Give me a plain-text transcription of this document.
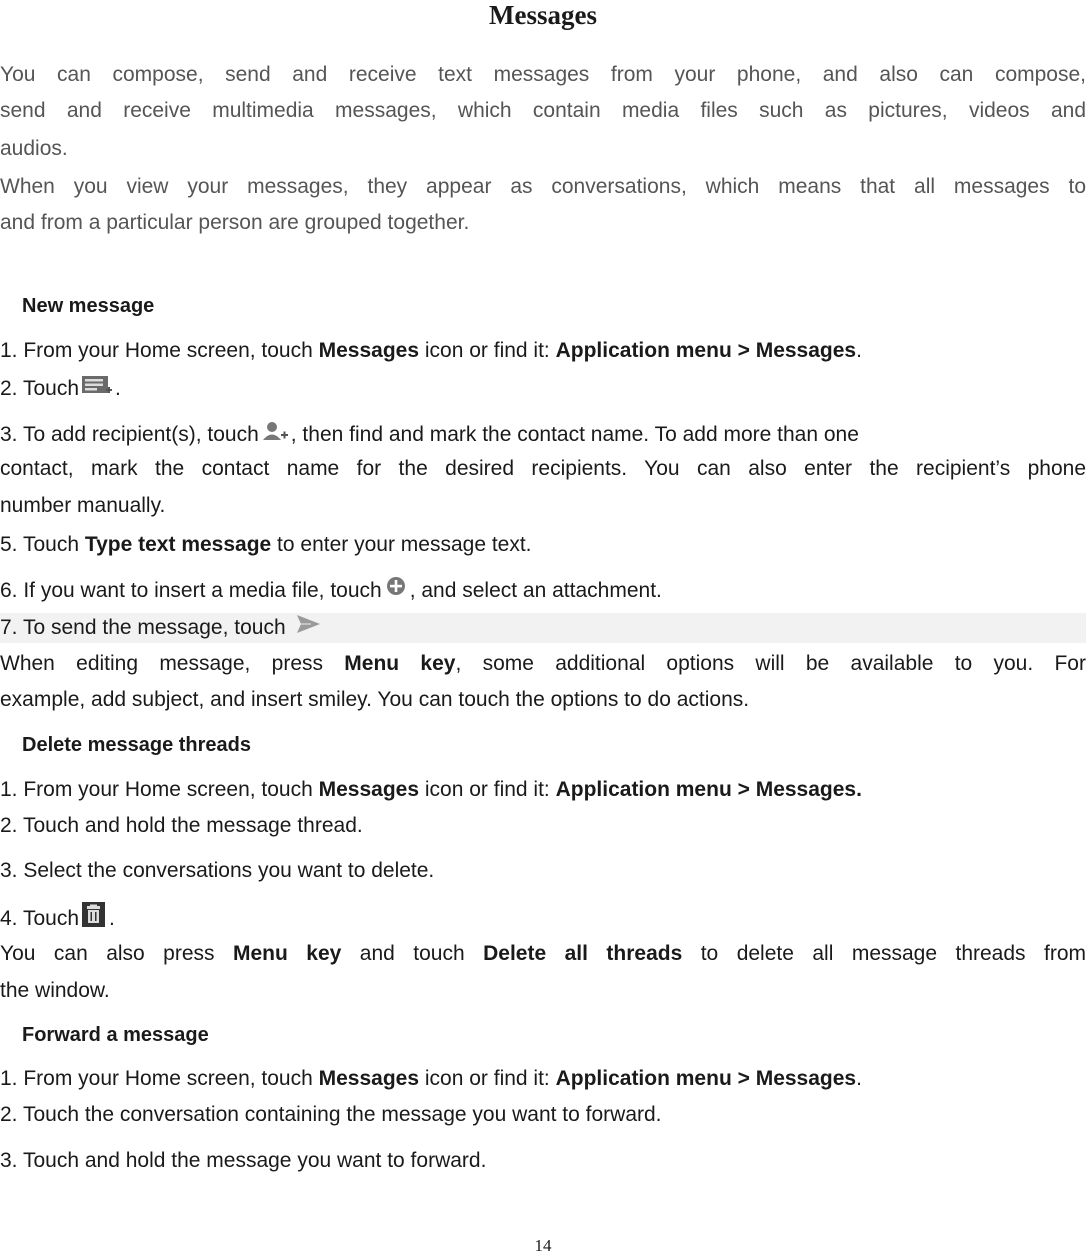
Messages
You can compose, send and receive text messages from your phone, and also can compose,
send and receive multimedia messages, which contain media files such as pictures, videos and
audios.
When you view your messages, they appear as conversations, which means that all messages to
and from a particular person are grouped together.
New message
1. From your Home screen, touch Messages icon or find it: Application menu > Messages.
2. Touch .
3. To add recipient(s), touch , then find and mark the contact name. To add more than one
contact, mark the contact name for the desired recipients. You can also enter the recipient’s phone
number manually.
5. Touch Type text message to enter your message text.
6. If you want to insert a media file, touch , and select an attachment.
7. To send the message, touch
When editing message, press Menu key, some additional options will be available to you. For
example, add subject, and insert smiley. You can touch the options to do actions.
Delete message threads
1. From your Home screen, touch Messages icon or find it: Application menu > Messages.
2. Touch and hold the message thread.
3. Select the conversations you want to delete.
4. Touch .
You can also press Menu key and touch Delete all threads to delete all message threads from
the window.
Forward a message
1. From your Home screen, touch Messages icon or find it: Application menu > Messages.
2. Touch the conversation containing the message you want to forward.
3. Touch and hold the message you want to forward.
14
